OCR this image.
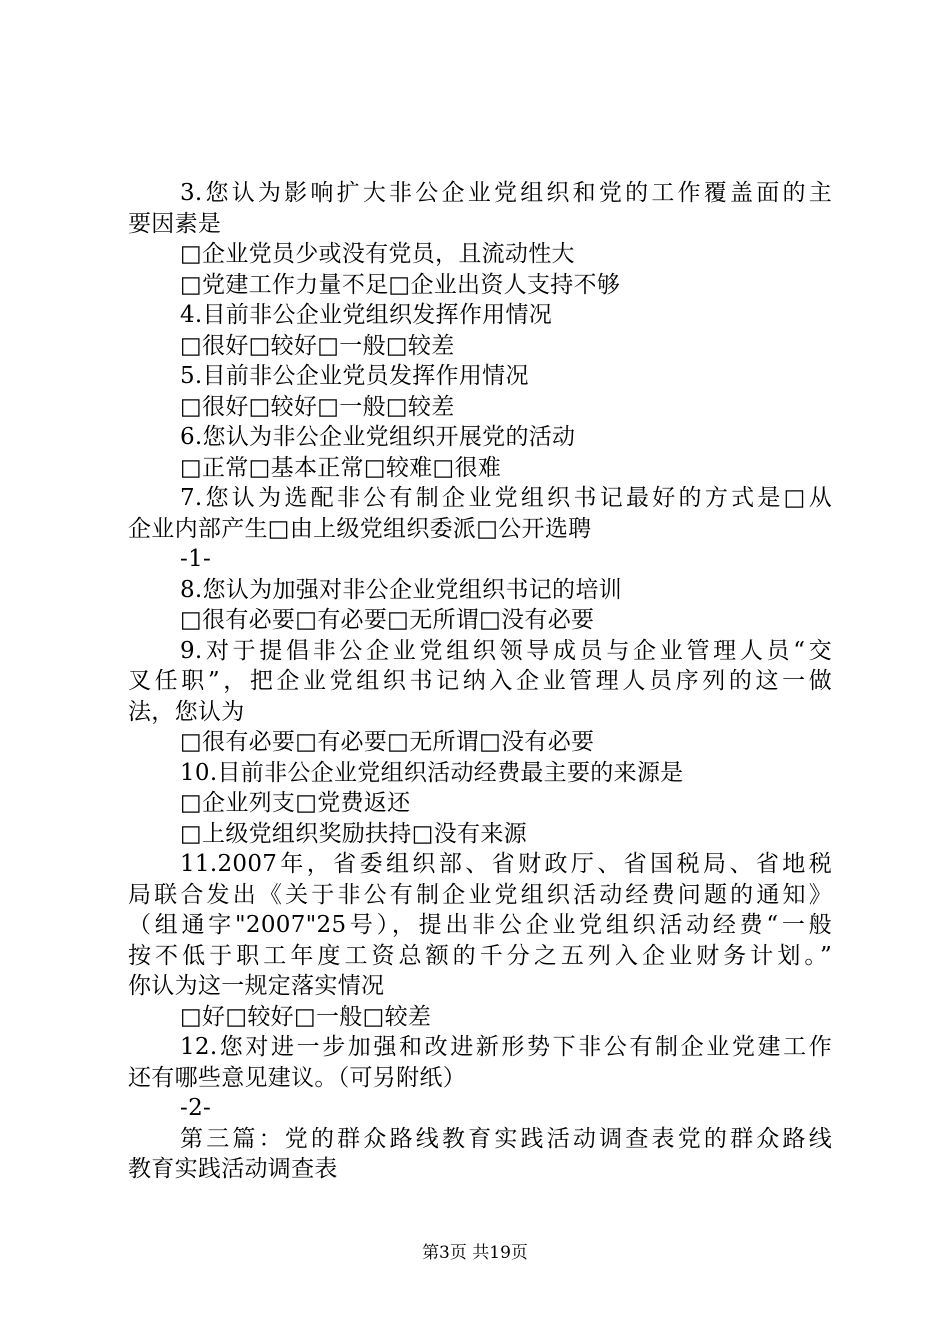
3.您认为影响扩大非公企业党组织和党的工作覆盖面的主
要因素是
□企业党员少或没有党员，且流动性大
□党建工作力量不足□企业出资人支持不够
4.目前非公企业党组织发挥作用情况
□很好□较好□一般□较差
5.目前非公企业党员发挥作用情况
□很好□较好□一般□较差
6.您认为非公企业党组织开展党的活动
□正常□基本正常□较难□很难
7.您认为选配非公有制企业党组织书记最好的方式是□从
企业内部产生□由上级党组织委派□公开选聘
-1-
8.您认为加强对非公企业党组织书记的培训
□很有必要□有必要□无所谓□没有必要
9.对于提倡非公企业党组织领导成员与企业管理人员“交
叉任职”，把企业党组织书记纳入企业管理人员序列的这一做
法，您认为
□很有必要□有必要□无所谓□没有必要
10.目前非公企业党组织活动经费最主要的来源是
□企业列支□党费返还
□上级党组织奖励扶持□没有来源
11.2007年，省委组织部、省财政厅、省国税局、省地税
局联合发出《关于非公有制企业党组织活动经费问题的通知》
（组通字"2007"25号），提出非公企业党组织活动经费“一般
按不低于职工年度工资总额的千分之五列入企业财务计划。”
你认为这一规定落实情况
□好□较好□一般□较差
12.您对进一步加强和改进新形势下非公有制企业党建工作
还有哪些意见建议。（可另附纸）
-2-
第三篇：党的群众路线教育实践活动调查表党的群众路线
教育实践活动调查表
第3页 共19页
